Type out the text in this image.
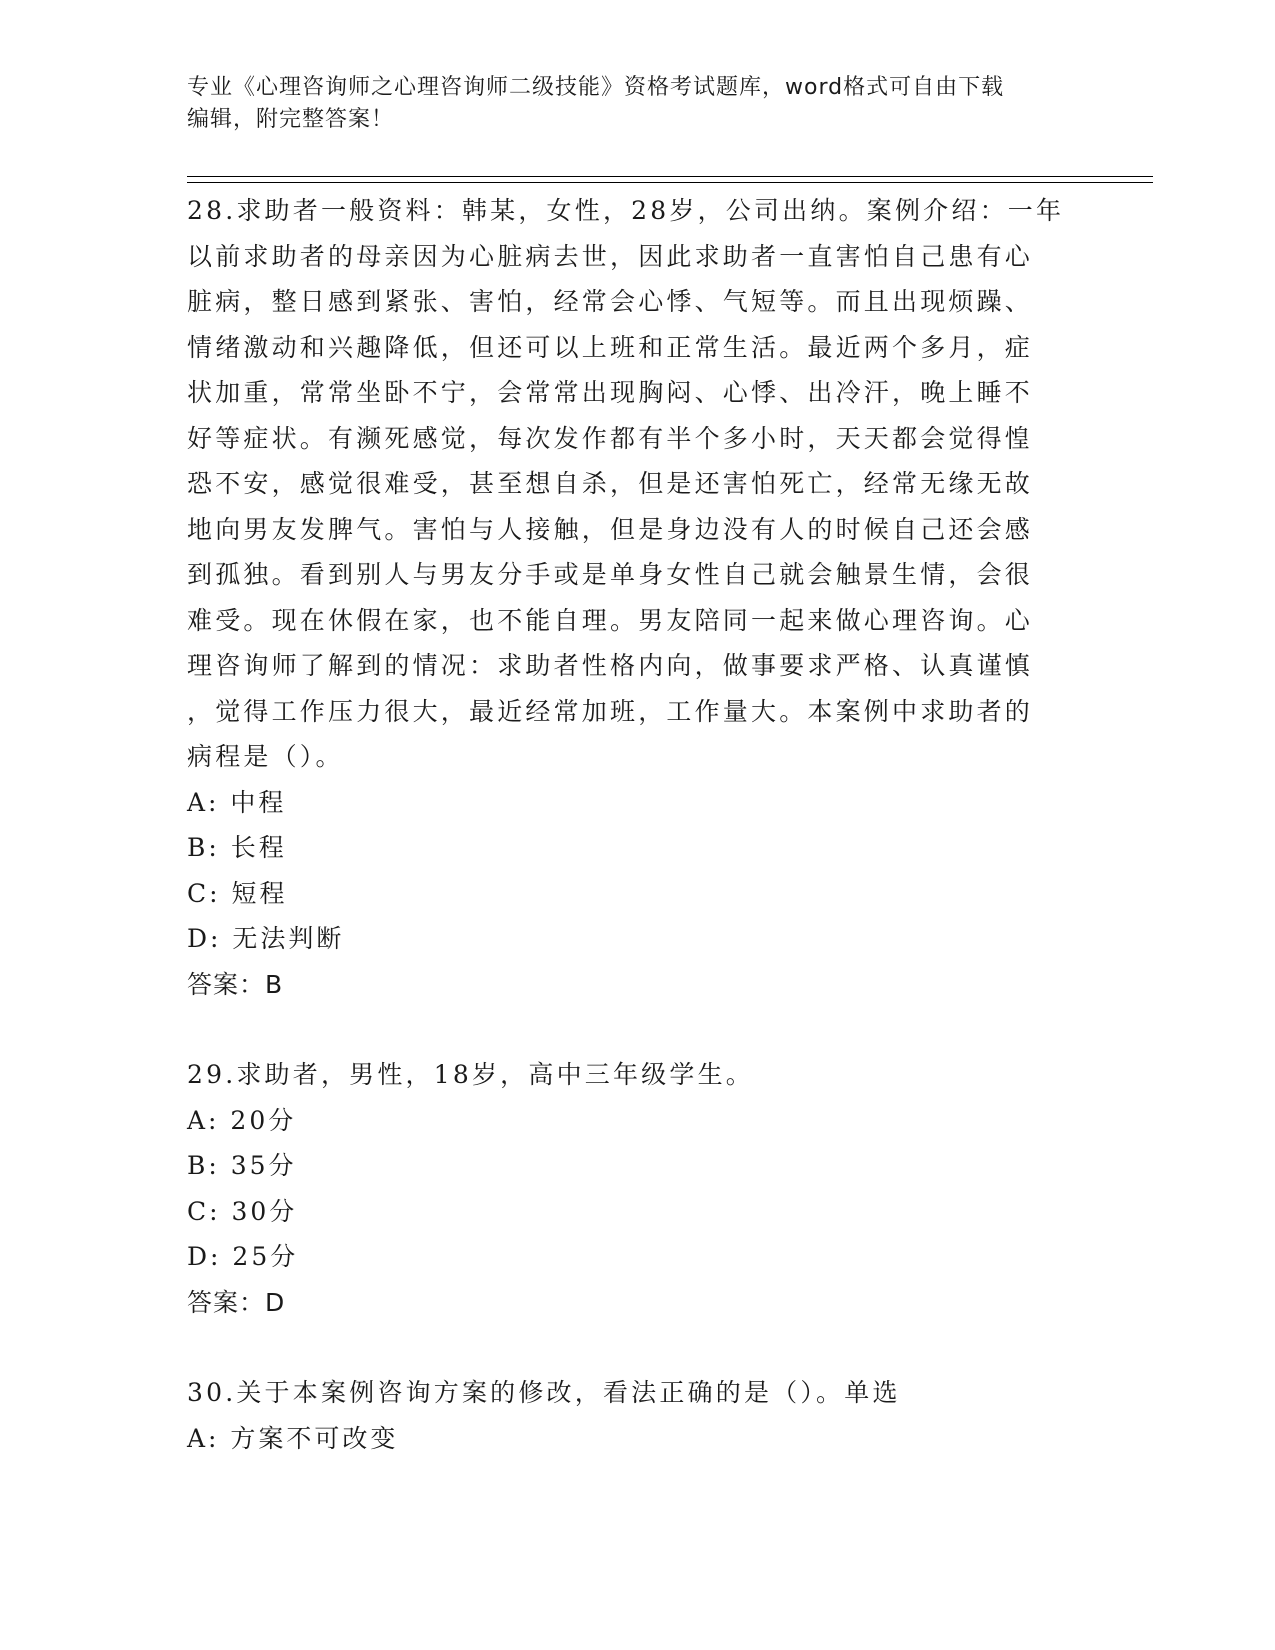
专业《心理咨询师之心理咨询师二级技能》资格考试题库，word格式可自由下载
编辑，附完整答案！
28.求助者一般资料：韩某，女性，28岁，公司出纳。案例介绍：一年
以前求助者的母亲因为心脏病去世，因此求助者一直害怕自己患有心
脏病，整日感到紧张、害怕，经常会心悸、气短等。而且出现烦躁、
情绪激动和兴趣降低，但还可以上班和正常生活。最近两个多月，症
状加重，常常坐卧不宁，会常常出现胸闷、心悸、出冷汗，晚上睡不
好等症状。有濒死感觉，每次发作都有半个多小时，天天都会觉得惶
恐不安，感觉很难受，甚至想自杀，但是还害怕死亡，经常无缘无故
地向男友发脾气。害怕与人接触，但是身边没有人的时候自己还会感
到孤独。看到别人与男友分手或是单身女性自己就会触景生情，会很
难受。现在休假在家，也不能自理。男友陪同一起来做心理咨询。心
理咨询师了解到的情况：求助者性格内向，做事要求严格、认真谨慎
，觉得工作压力很大，最近经常加班，工作量大。本案例中求助者的
病程是（）。
A: 中程
B: 长程
C: 短程
D: 无法判断
答案：B
29.求助者，男性，18岁，高中三年级学生。
A: 20分
B: 35分
C: 30分
D: 25分
答案：D
30.关于本案例咨询方案的修改，看法正确的是（）。单选
A: 方案不可改变
